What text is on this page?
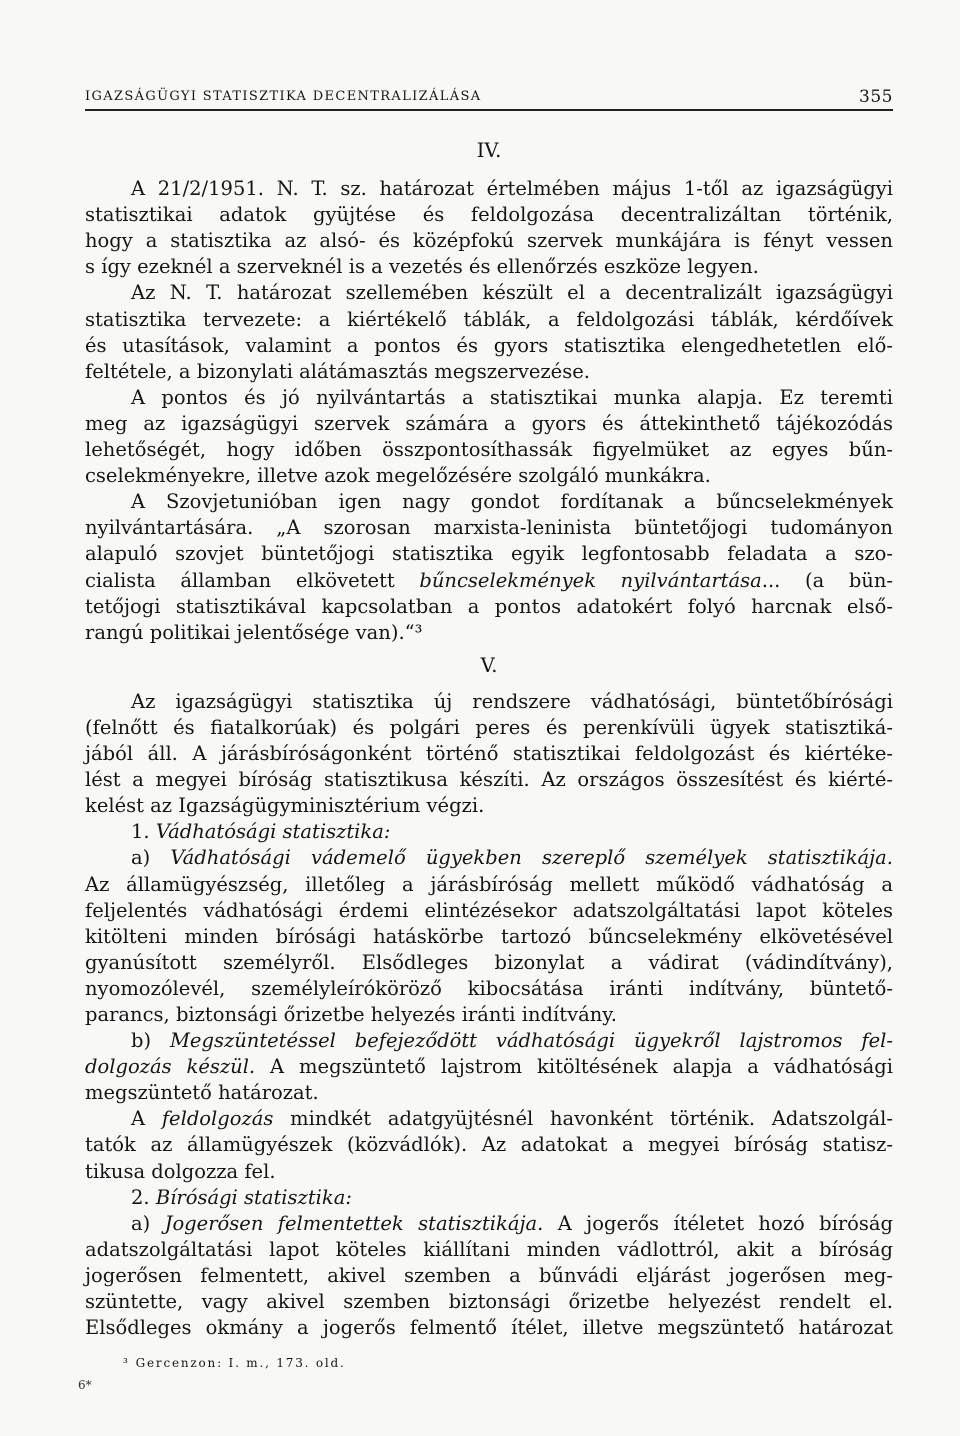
IGAZSÁGÜGYI STATISZTIKA DECENTRALIZÁLÁSA	355
IV.
A 21/2/1951. N. T. sz. határozat értelmében május 1-től az igazságügyi
statisztikai adatok gyüjtése és feldolgozása decentralizáltan történik,
hogy a statisztika az alsó- és középfokú szervek munkájára is fényt vessen
s így ezeknél a szerveknél is a vezetés és ellenőrzés eszköze legyen.
Az N. T. határozat szellemében készült el a decentralizált igazságügyi
statisztika tervezete: a kiértékelő táblák, a feldolgozási táblák, kérdőívek
és utasítások, valamint a pontos és gyors statisztika elengedhetetlen elő-
feltétele, a bizonylati alátámasztás megszervezése.
A pontos és jó nyilvántartás a statisztikai munka alapja. Ez teremti
meg az igazságügyi szervek számára a gyors és áttekinthető tájékozódás
lehetőségét, hogy időben összpontosíthassák figyelmüket az egyes bűn-
cselekményekre, illetve azok megelőzésére szolgáló munkákra.
A Szovjetunióban igen nagy gondot fordítanak a bűncselekmények
nyilvántartására. „A szorosan marxista-leninista büntetőjogi tudományon
alapuló szovjet büntetőjogi statisztika egyik legfontosabb feladata a szo-
cialista államban elkövetett bűncselekmények nyilvántartása... (a bün-
tetőjogi statisztikával kapcsolatban a pontos adatokért folyó harcnak első-
rangú politikai jelentősége van).“³
V.
Az igazságügyi statisztika új rendszere vádhatósági, büntetőbírósági
(felnőtt és fiatalkorúak) és polgári peres és perenkívüli ügyek statisztiká-
jából áll. A járásbíróságonként történő statisztikai feldolgozást és kiértéke-
lést a megyei bíróság statisztikusa készíti. Az országos összesítést és kiérté-
kelést az Igazságügyminisztérium végzi.
1. Vádhatósági statisztika:
a) Vádhatósági vádemelő ügyekben szereplő személyek statisztikája.
Az államügyészség, illetőleg a járásbíróság mellett működő vádhatóság a
feljelentés vádhatósági érdemi elintézésekor adatszolgáltatási lapot köteles
kitölteni minden bírósági hatáskörbe tartozó bűncselekmény elkövetésével
gyanúsított személyről. Elsődleges bizonylat a vádirat (vádindítvány),
nyomozólevél, személyleíróköröző kibocsátása iránti indítvány, büntető-
parancs, biztonsági őrizetbe helyezés iránti indítvány.
b) Megszüntetéssel befejeződött vádhatósági ügyekről lajstromos fel-
dolgozás készül. A megszüntető lajstrom kitöltésének alapja a vádhatósági
megszüntető határozat.
A feldolgozás mindkét adatgyüjtésnél havonként történik. Adatszolgál-
tatók az államügyészek (közvádlók). Az adatokat a megyei bíróság statisz-
tikusa dolgozza fel.
2. Bírósági statisztika:
a) Jogerősen felmentettek statisztikája. A jogerős ítéletet hozó bíróság
adatszolgáltatási lapot köteles kiállítani minden vádlottról, akit a bíróság
jogerősen felmentett, akivel szemben a bűnvádi eljárást jogerősen meg-
szüntette, vagy akivel szemben biztonsági őrizetbe helyezést rendelt el.
Elsődleges okmány a jogerős felmentő ítélet, illetve megszüntető határozat
³ Gercenzon: I. m., 173. old.
6*
